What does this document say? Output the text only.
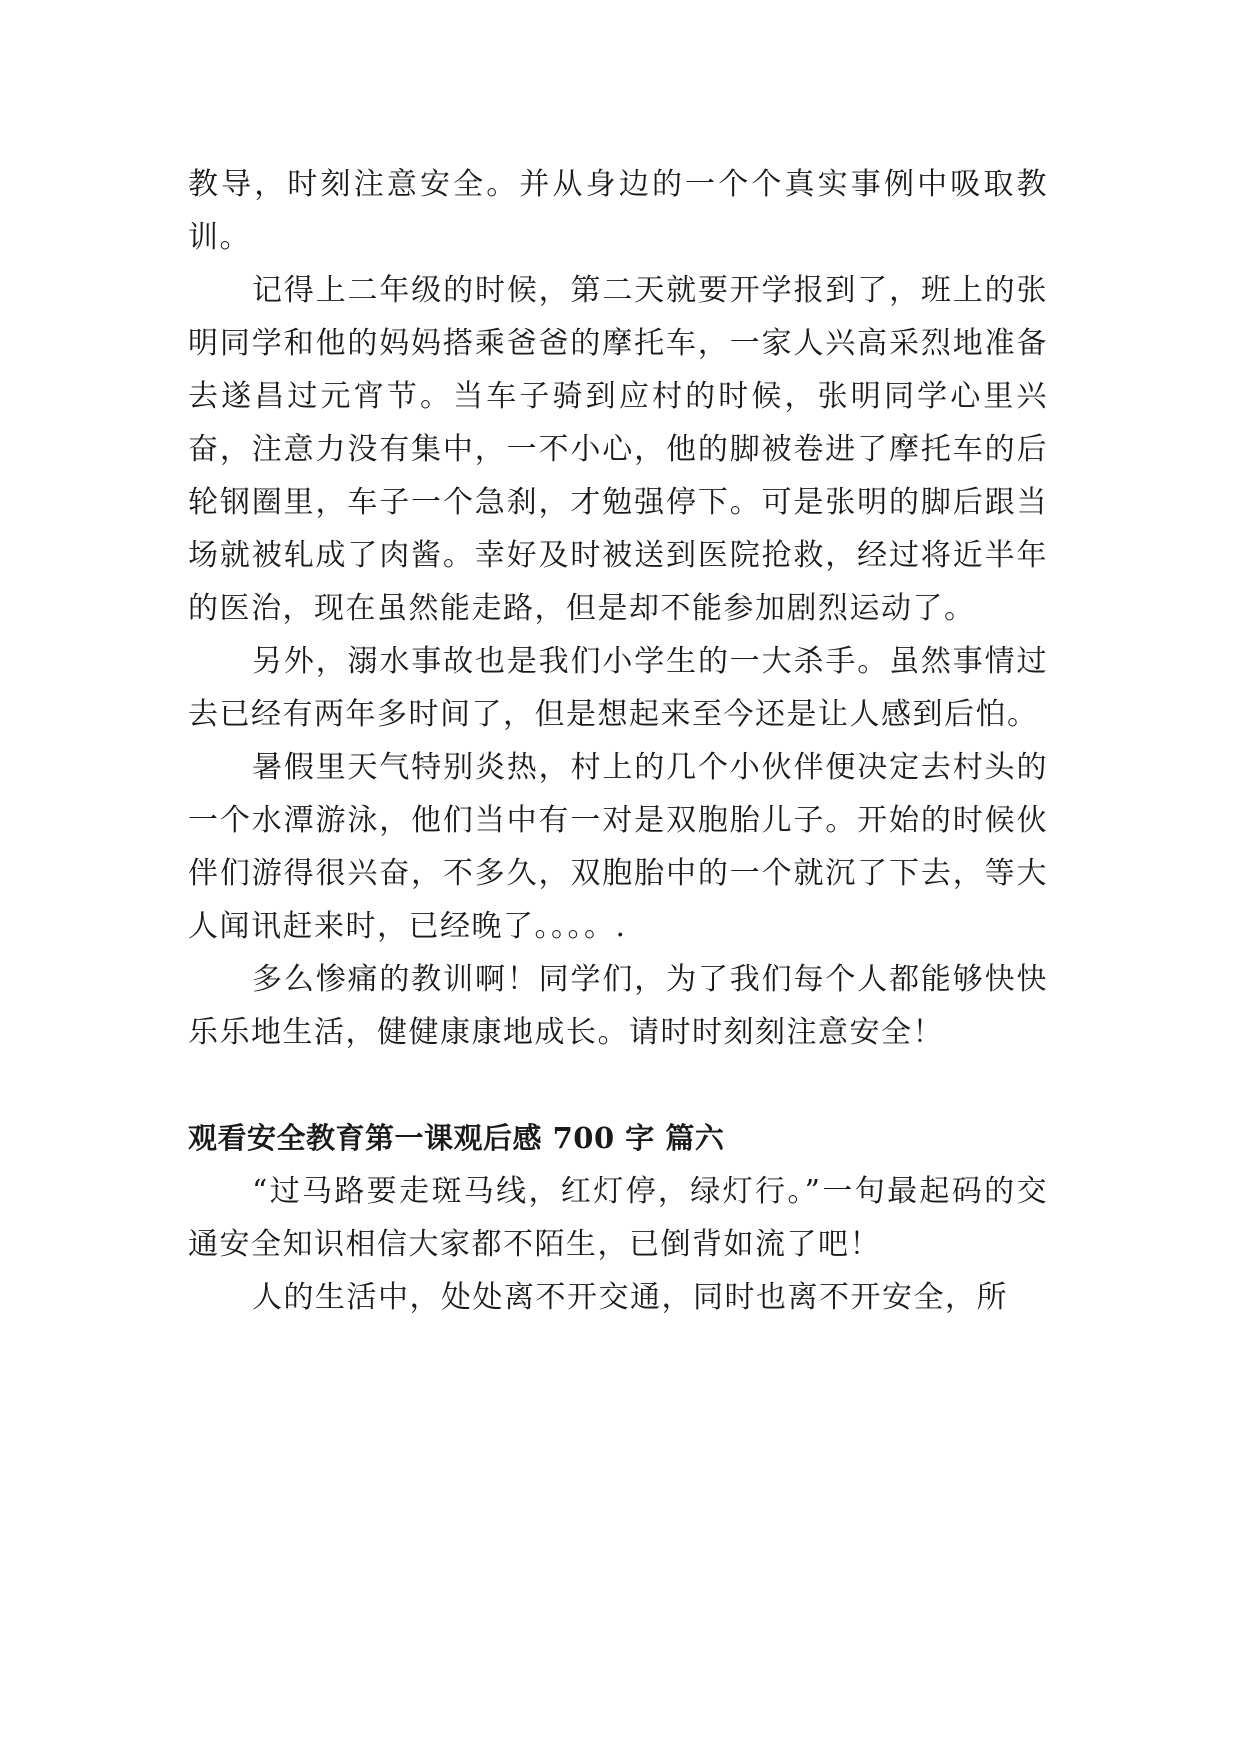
教导，时刻注意安全。并从身边的一个个真实事例中吸取教训。

记得上二年级的时候，第二天就要开学报到了，班上的张明同学和他的妈妈搭乘爸爸的摩托车，一家人兴高采烈地准备去遂昌过元宵节。当车子骑到应村的时候，张明同学心里兴奋，注意力没有集中，一不小心，他的脚被卷进了摩托车的后轮钢圈里，车子一个急刹，才勉强停下。可是张明的脚后跟当场就被轧成了肉酱。幸好及时被送到医院抢救，经过将近半年的医治，现在虽然能走路，但是却不能参加剧烈运动了。

另外，溺水事故也是我们小学生的一大杀手。虽然事情过去已经有两年多时间了，但是想起来至今还是让人感到后怕。

暑假里天气特别炎热，村上的几个小伙伴便决定去村头的一个水潭游泳，他们当中有一对是双胞胎儿子。开始的时候伙伴们游得很兴奋，不多久，双胞胎中的一个就沉了下去，等大人闻讯赶来时，已经晚了。。。。.

多么惨痛的教训啊！同学们，为了我们每个人都能够快快乐乐地生活，健健康康地成长。请时时刻刻注意安全！

观看安全教育第一课观后感 700 字 篇六

“过马路要走斑马线，红灯停，绿灯行。”一句最起码的交通安全知识相信大家都不陌生，已倒背如流了吧！

人的生活中，处处离不开交通，同时也离不开安全，所
